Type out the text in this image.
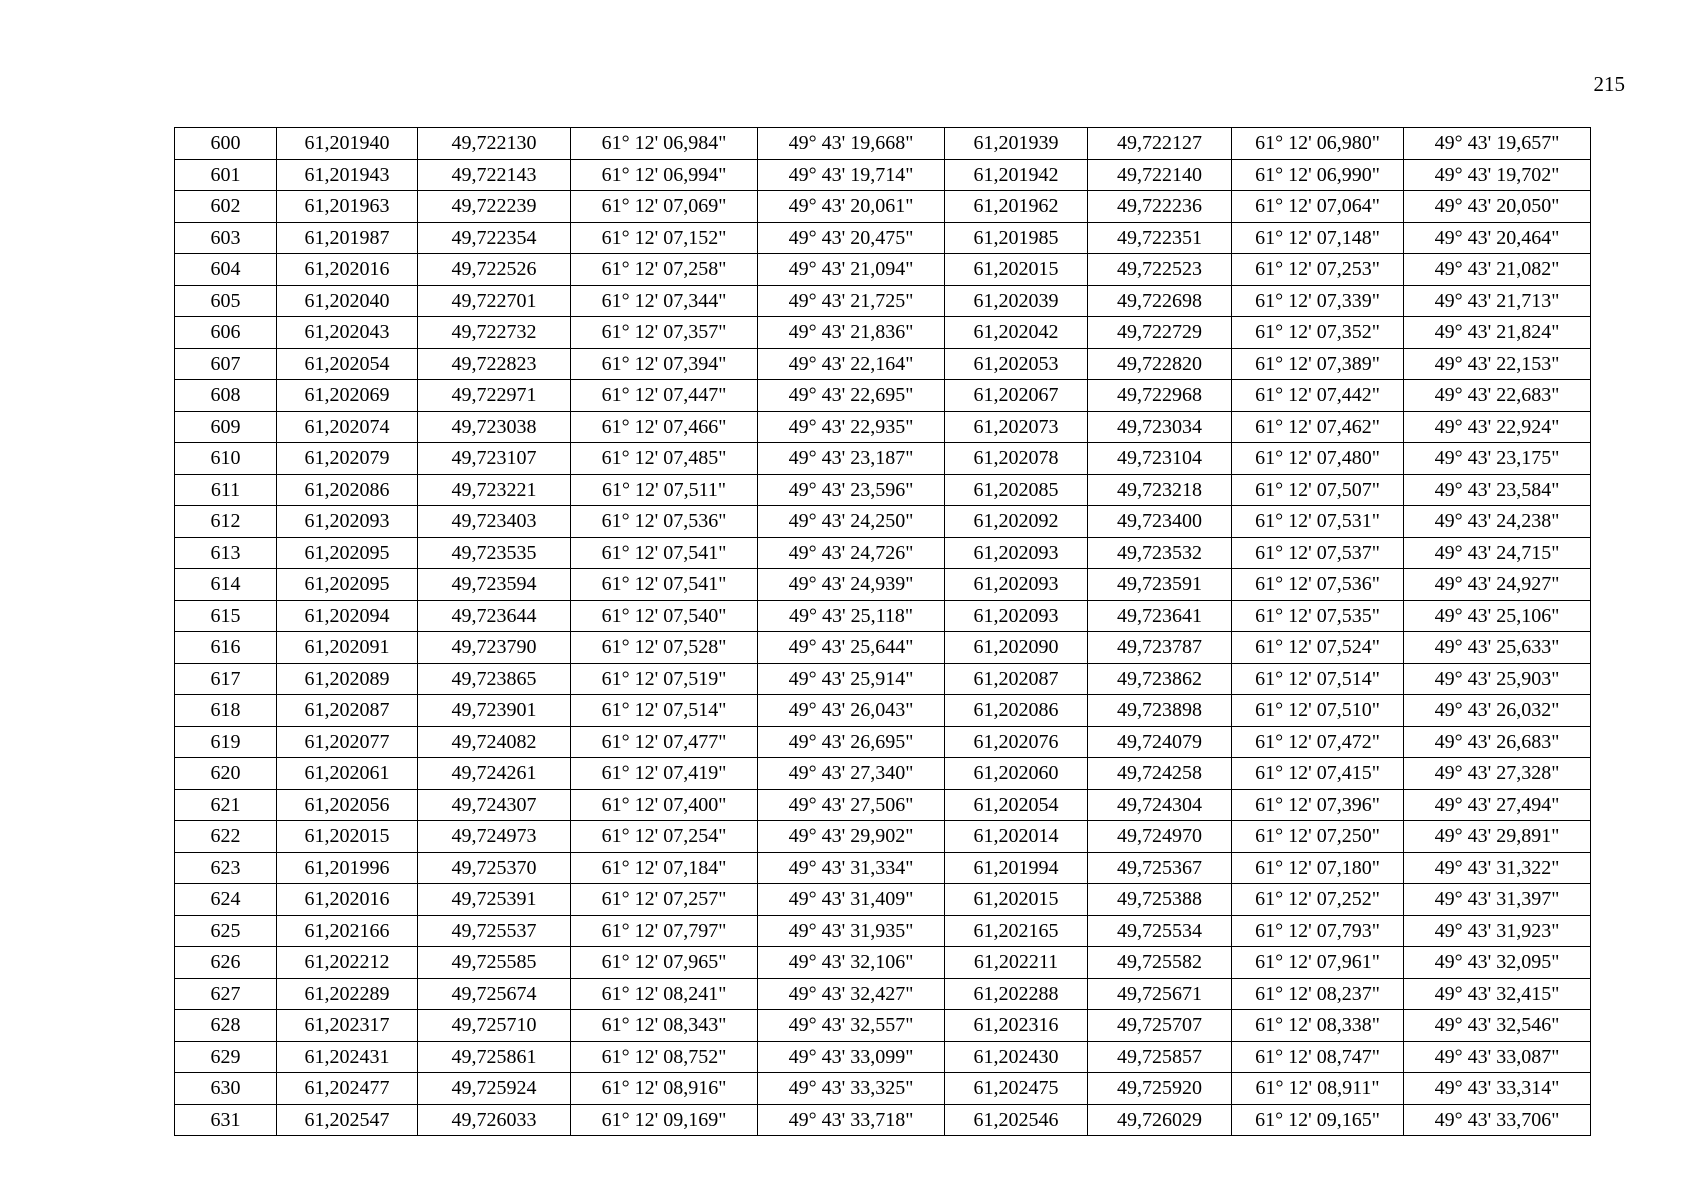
215
600	61,201940	49,722130	61° 12' 06,984"	49° 43' 19,668"	61,201939	49,722127	61° 12' 06,980"	49° 43' 19,657"
601	61,201943	49,722143	61° 12' 06,994"	49° 43' 19,714"	61,201942	49,722140	61° 12' 06,990"	49° 43' 19,702"
602	61,201963	49,722239	61° 12' 07,069"	49° 43' 20,061"	61,201962	49,722236	61° 12' 07,064"	49° 43' 20,050"
603	61,201987	49,722354	61° 12' 07,152"	49° 43' 20,475"	61,201985	49,722351	61° 12' 07,148"	49° 43' 20,464"
604	61,202016	49,722526	61° 12' 07,258"	49° 43' 21,094"	61,202015	49,722523	61° 12' 07,253"	49° 43' 21,082"
605	61,202040	49,722701	61° 12' 07,344"	49° 43' 21,725"	61,202039	49,722698	61° 12' 07,339"	49° 43' 21,713"
606	61,202043	49,722732	61° 12' 07,357"	49° 43' 21,836"	61,202042	49,722729	61° 12' 07,352"	49° 43' 21,824"
607	61,202054	49,722823	61° 12' 07,394"	49° 43' 22,164"	61,202053	49,722820	61° 12' 07,389"	49° 43' 22,153"
608	61,202069	49,722971	61° 12' 07,447"	49° 43' 22,695"	61,202067	49,722968	61° 12' 07,442"	49° 43' 22,683"
609	61,202074	49,723038	61° 12' 07,466"	49° 43' 22,935"	61,202073	49,723034	61° 12' 07,462"	49° 43' 22,924"
610	61,202079	49,723107	61° 12' 07,485"	49° 43' 23,187"	61,202078	49,723104	61° 12' 07,480"	49° 43' 23,175"
611	61,202086	49,723221	61° 12' 07,511"	49° 43' 23,596"	61,202085	49,723218	61° 12' 07,507"	49° 43' 23,584"
612	61,202093	49,723403	61° 12' 07,536"	49° 43' 24,250"	61,202092	49,723400	61° 12' 07,531"	49° 43' 24,238"
613	61,202095	49,723535	61° 12' 07,541"	49° 43' 24,726"	61,202093	49,723532	61° 12' 07,537"	49° 43' 24,715"
614	61,202095	49,723594	61° 12' 07,541"	49° 43' 24,939"	61,202093	49,723591	61° 12' 07,536"	49° 43' 24,927"
615	61,202094	49,723644	61° 12' 07,540"	49° 43' 25,118"	61,202093	49,723641	61° 12' 07,535"	49° 43' 25,106"
616	61,202091	49,723790	61° 12' 07,528"	49° 43' 25,644"	61,202090	49,723787	61° 12' 07,524"	49° 43' 25,633"
617	61,202089	49,723865	61° 12' 07,519"	49° 43' 25,914"	61,202087	49,723862	61° 12' 07,514"	49° 43' 25,903"
618	61,202087	49,723901	61° 12' 07,514"	49° 43' 26,043"	61,202086	49,723898	61° 12' 07,510"	49° 43' 26,032"
619	61,202077	49,724082	61° 12' 07,477"	49° 43' 26,695"	61,202076	49,724079	61° 12' 07,472"	49° 43' 26,683"
620	61,202061	49,724261	61° 12' 07,419"	49° 43' 27,340"	61,202060	49,724258	61° 12' 07,415"	49° 43' 27,328"
621	61,202056	49,724307	61° 12' 07,400"	49° 43' 27,506"	61,202054	49,724304	61° 12' 07,396"	49° 43' 27,494"
622	61,202015	49,724973	61° 12' 07,254"	49° 43' 29,902"	61,202014	49,724970	61° 12' 07,250"	49° 43' 29,891"
623	61,201996	49,725370	61° 12' 07,184"	49° 43' 31,334"	61,201994	49,725367	61° 12' 07,180"	49° 43' 31,322"
624	61,202016	49,725391	61° 12' 07,257"	49° 43' 31,409"	61,202015	49,725388	61° 12' 07,252"	49° 43' 31,397"
625	61,202166	49,725537	61° 12' 07,797"	49° 43' 31,935"	61,202165	49,725534	61° 12' 07,793"	49° 43' 31,923"
626	61,202212	49,725585	61° 12' 07,965"	49° 43' 32,106"	61,202211	49,725582	61° 12' 07,961"	49° 43' 32,095"
627	61,202289	49,725674	61° 12' 08,241"	49° 43' 32,427"	61,202288	49,725671	61° 12' 08,237"	49° 43' 32,415"
628	61,202317	49,725710	61° 12' 08,343"	49° 43' 32,557"	61,202316	49,725707	61° 12' 08,338"	49° 43' 32,546"
629	61,202431	49,725861	61° 12' 08,752"	49° 43' 33,099"	61,202430	49,725857	61° 12' 08,747"	49° 43' 33,087"
630	61,202477	49,725924	61° 12' 08,916"	49° 43' 33,325"	61,202475	49,725920	61° 12' 08,911"	49° 43' 33,314"
631	61,202547	49,726033	61° 12' 09,169"	49° 43' 33,718"	61,202546	49,726029	61° 12' 09,165"	49° 43' 33,706"
